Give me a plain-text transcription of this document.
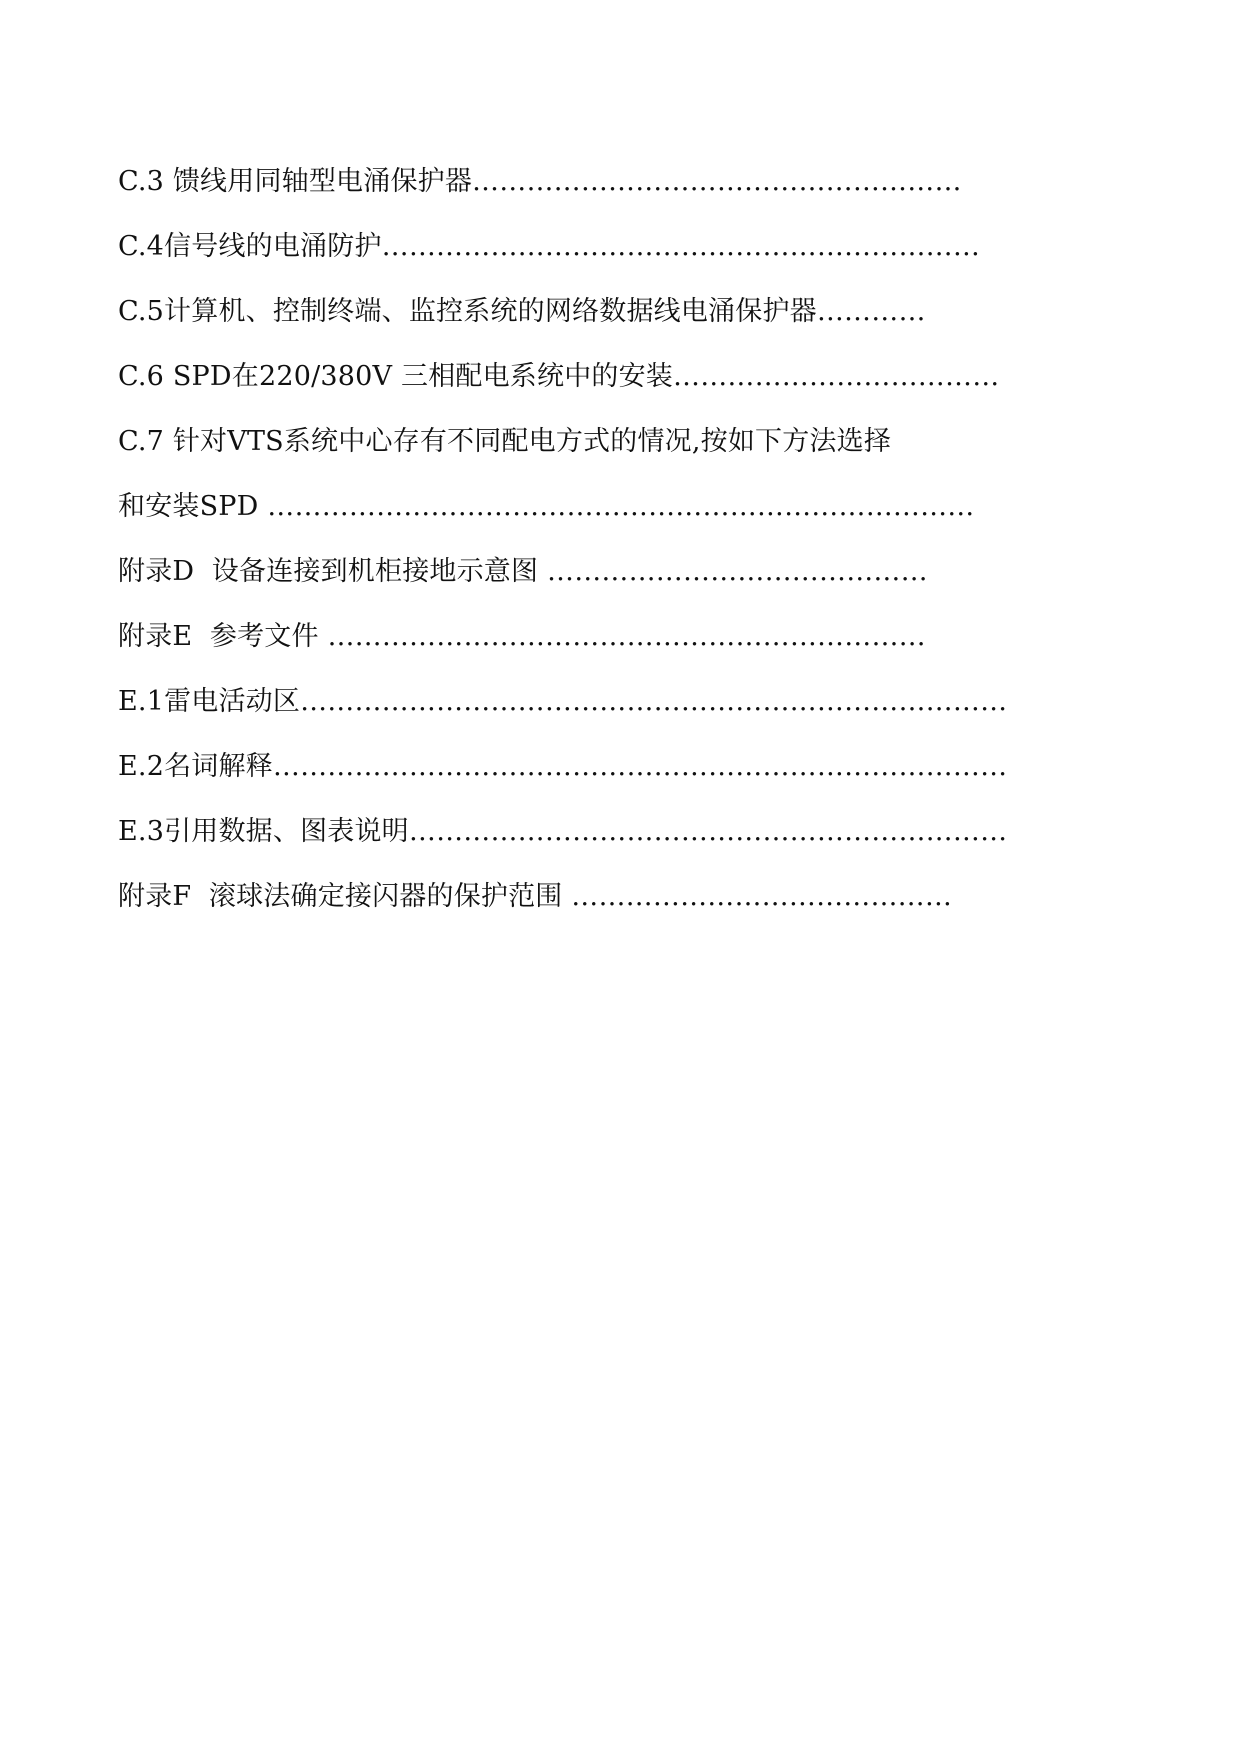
C.3 馈线用同轴型电涌保护器………………………………………………
C.4信号线的电涌防护…………………………………………………………
C.5计算机、控制终端、监控系统的网络数据线电涌保护器…………
C.6 SPD在220/380V 三相配电系统中的安装………………………………
C.7 针对VTS系统中心存有不同配电方式的情况,按如下方法选择
和安装SPD ……………………………………………………………………
附录D  设备连接到机柜接地示意图 ……………………………………
附录E  参考文件 …………………………………………………………
E.1雷电活动区……………………………………………………………………
E.2名词解释………………………………………………………………………
E.3引用数据、图表说明…………………………………………………………
附录F  滚球法确定接闪器的保护范围 ……………………………………
